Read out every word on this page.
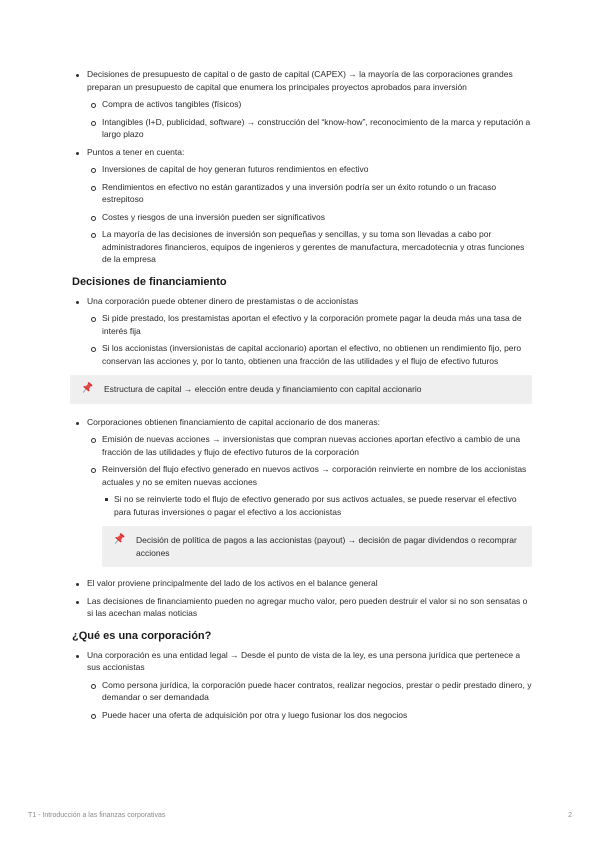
Decisiones de presupuesto de capital o de gasto de capital (CAPEX) → la mayoría de las corporaciones grandes preparan un presupuesto de capital que enumera los principales proyectos aprobados para inversión
Compra de activos tangibles (físicos)
Intangibles (I+D, publicidad, software) → construcción del “know-how”, reconocimiento de la marca y reputación a largo plazo
Puntos a tener en cuenta:
Inversiones de capital de hoy generan futuros rendimientos en efectivo
Rendimientos en efectivo no están garantizados y una inversión podría ser un éxito rotundo o un fracaso estrepitoso
Costes y riesgos de una inversión pueden ser significativos
La mayoría de las decisiones de inversión son pequeñas y sencillas, y su toma son llevadas a cabo por administradores financieros, equipos de ingenieros y gerentes de manufactura, mercadotecnia y otras funciones de la empresa
Decisiones de financiamiento
Una corporación puede obtener dinero de prestamistas o de accionistas
Si pide prestado, los prestamistas aportan el efectivo y la corporación promete pagar la deuda más una tasa de interés fija
Si los accionistas (inversionistas de capital accionario) aportan el efectivo, no obtienen un rendimiento fijo, pero conservan las acciones y, por lo tanto, obtienen una fracción de las utilidades y el flujo de efectivo futuros
Estructura de capital → elección entre deuda y financiamiento con capital accionario
Corporaciones obtienen financiamiento de capital accionario de dos maneras:
Emisión de nuevas acciones → inversionistas que compran nuevas acciones aportan efectivo a cambio de una fracción de las utilidades y flujo de efectivo futuros de la corporación
Reinversión del flujo efectivo generado en nuevos activos → corporación reinvierte en nombre de los accionistas actuales y no se emiten nuevas acciones
Si no se reinvierte todo el flujo de efectivo generado por sus activos actuales, se puede reservar el efectivo para futuras inversiones o pagar el efectivo a los accionistas
Decisión de política de pagos a las accionistas (payout) → decisión de pagar dividendos o recomprar acciones
El valor proviene principalmente del lado de los activos en el balance general
Las decisiones de financiamiento pueden no agregar mucho valor, pero pueden destruir el valor si no son sensatas o si las acechan malas noticias
¿Qué es una corporación?
Una corporación es una entidad legal → Desde el punto de vista de la ley, es una persona jurídica que pertenece a sus accionistas
Como persona jurídica, la corporación puede hacer contratos, realizar negocios, prestar o pedir prestado dinero, y demandar o ser demandada
Puede hacer una oferta de adquisición por otra y luego fusionar los dos negocios
T1 - Introducción a las finanzas corporativas	2
